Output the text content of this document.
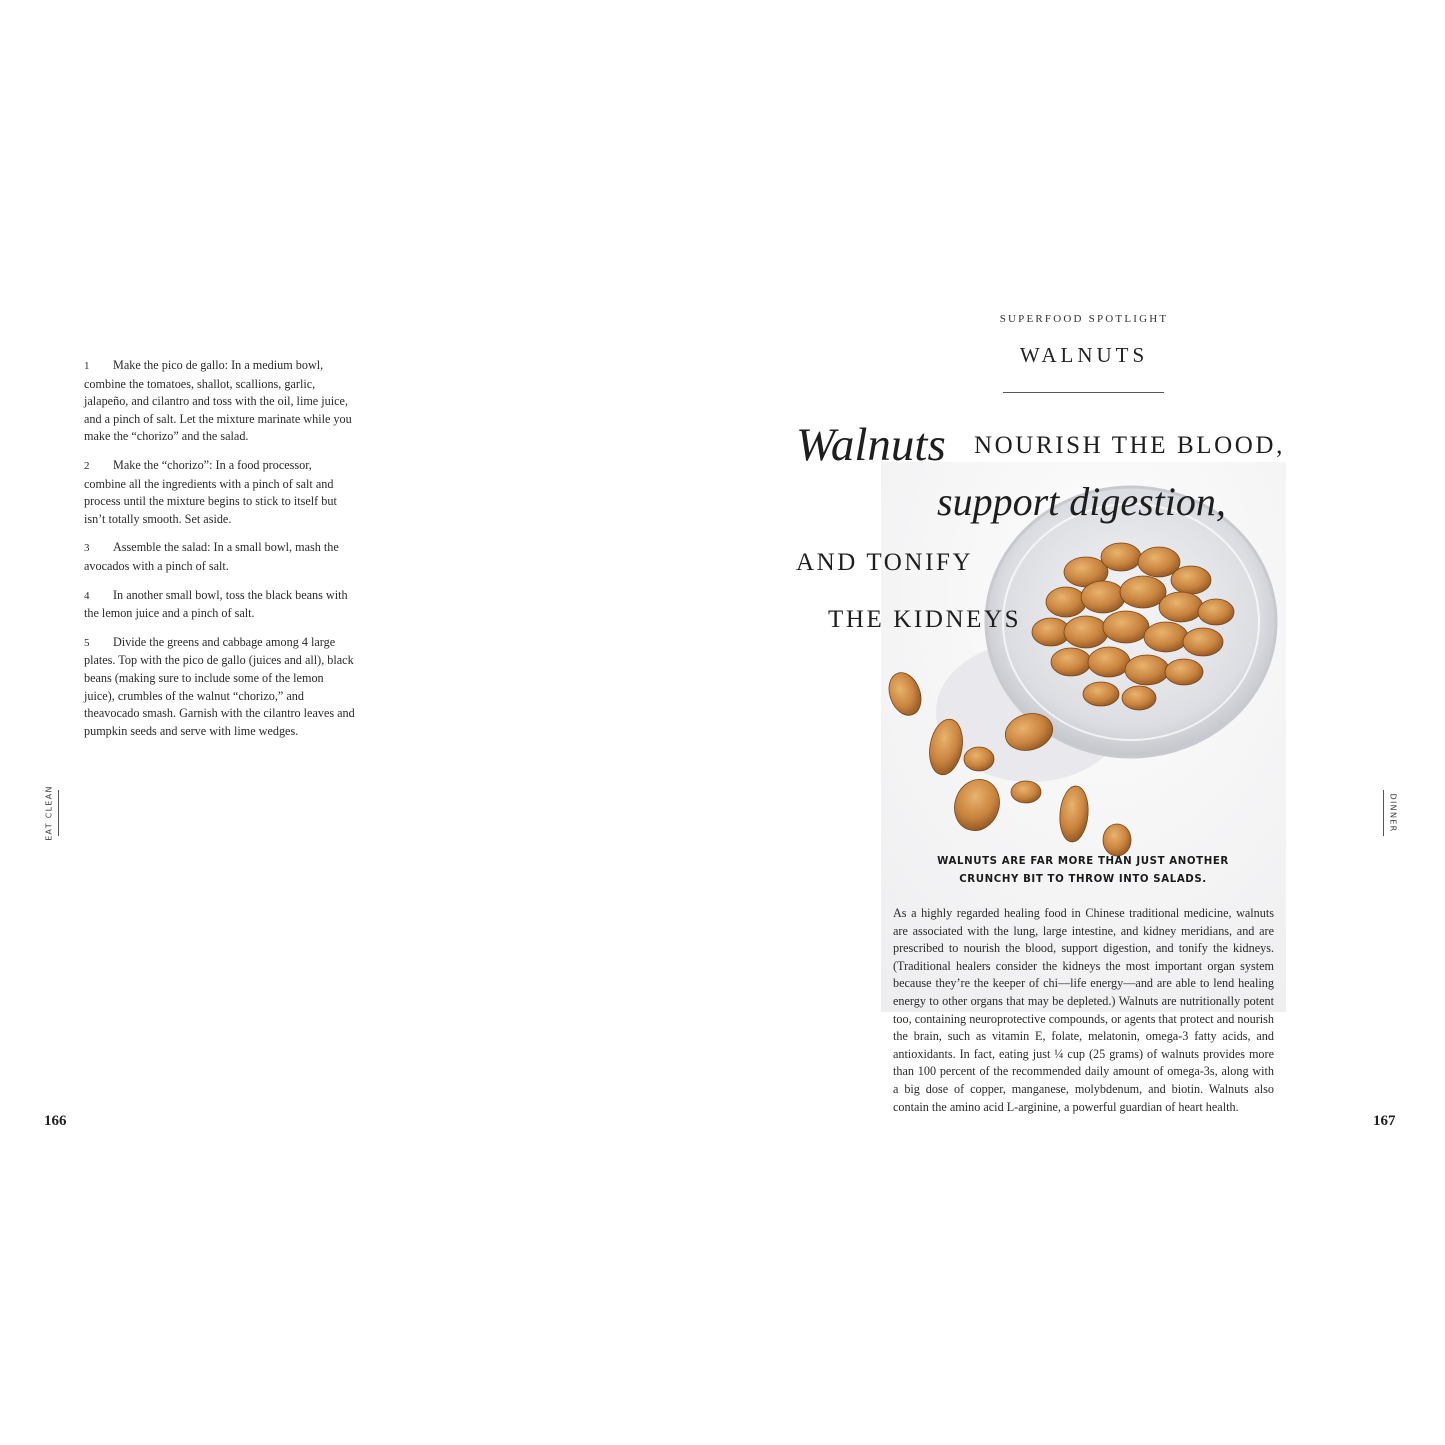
1 Make the pico de gallo: In a medium bowl, combine the tomatoes, shallot, scallions, garlic, jalapeño, and cilantro and toss with the oil, lime juice, and a pinch of salt. Let the mixture marinate while you make the “chorizo” and the salad.

2 Make the “chorizo”: In a food processor, combine all the ingredients with a pinch of salt and process until the mixture begins to stick to itself but isn’t totally smooth. Set aside.

3 Assemble the salad: In a small bowl, mash the avocados with a pinch of salt.

4 In another small bowl, toss the black beans with the lemon juice and a pinch of salt.

5 Divide the greens and cabbage among 4 large plates. Top with the pico de gallo (juices and all), black beans (making sure to include some of the lemon juice), crumbles of the walnut “chorizo,” and theavocado smash. Garnish with the cilantro leaves and pumpkin seeds and serve with lime wedges.

EAT CLEAN
166
SUPERFOOD SPOTLIGHT
WALNUTS
Walnuts NOURISH THE BLOOD,
support digestion,
AND TONIFY
THE KIDNEYS
WALNUTS ARE FAR MORE THAN JUST ANOTHER
CRUNCHY BIT TO THROW INTO SALADS.
As a highly regarded healing food in Chinese traditional medicine, walnuts are associated with the lung, large intestine, and kidney meridians, and are prescribed to nourish the blood, support digestion, and tonify the kidneys. (Traditional healers consider the kidneys the most important organ system because they’re the keeper of chi—life energy—and are able to lend healing energy to other organs that may be depleted.) Walnuts are nutritionally potent too, containing neuroprotective compounds, or agents that protect and nourish the brain, such as vitamin E, folate, melatonin, omega-3 fatty acids, and antioxidants. In fact, eating just ¼ cup (25 grams) of walnuts provides more than 100 percent of the recommended daily amount of omega-3s, along with a big dose of copper, manganese, molybdenum, and biotin. Walnuts also contain the amino acid L-arginine, a powerful guardian of heart health.
DINNER
167
